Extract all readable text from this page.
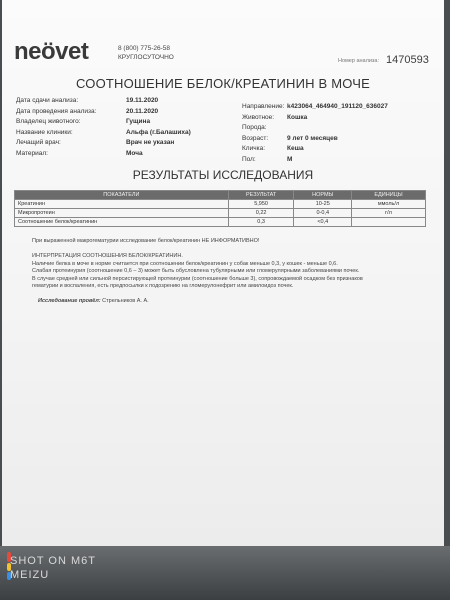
neövet	8 (800) 775-26-58
КРУГЛОСУТОЧНО	Номер анализа: 1470593
СООТНОШЕНИЕ БЕЛОК/КРЕАТИНИН В МОЧЕ
Дата сдачи анализа:	19.11.2020
Дата проведения анализа:	20.11.2020
Владелец животного:	Гущина
Название клиники:	Альфа (г.Балашиха)
Лечащий врач:	Врач не указан
Материал:	Моча
Направление: k423064_464940_191120_636027
Животное: Кошка
Порода:
Возраст:	9 лет 0 месяцев
Кличка:	Кеша
Пол:	М
РЕЗУЛЬТАТЫ ИССЛЕДОВАНИЯ
ПОКАЗАТЕЛИ	РЕЗУЛЬТАТ	НОРМЫ	ЕДИНИЦЫ
Креатинин	5,950	10-25	ммоль/л
Микропротеин	0,22	0-0,4	г/л
Соотношение белок/креатинин	0,3	<0,4	
При выраженной макрогематурии исследование белок/креатинин НЕ ИНФОРМАТИВНО!
ИНТЕРПРЕТАЦИЯ СООТНОШЕНИЯ БЕЛОК/КРЕАТИНИН.

Наличие белка в моче в норме считается при соотношении белок/креатинин у собак меньше 0,3, у кошек - меньше 0,6.

Слабая протеинурия (соотношение 0,6 – 3) может быть обусловлена тубулярными или гломерулярными заболеваниями почек.

В случае средней или сильной персистирующей протеинурии (соотношение больше 3), сопровождаемой осадком без признаков

гематурии и воспаления, есть предпосылки к подозрению на гломерулонефрит или амилоидоз почек.

Исследование провёл: Стрельников А. А.
SHOT ON M6T
MEIZU
